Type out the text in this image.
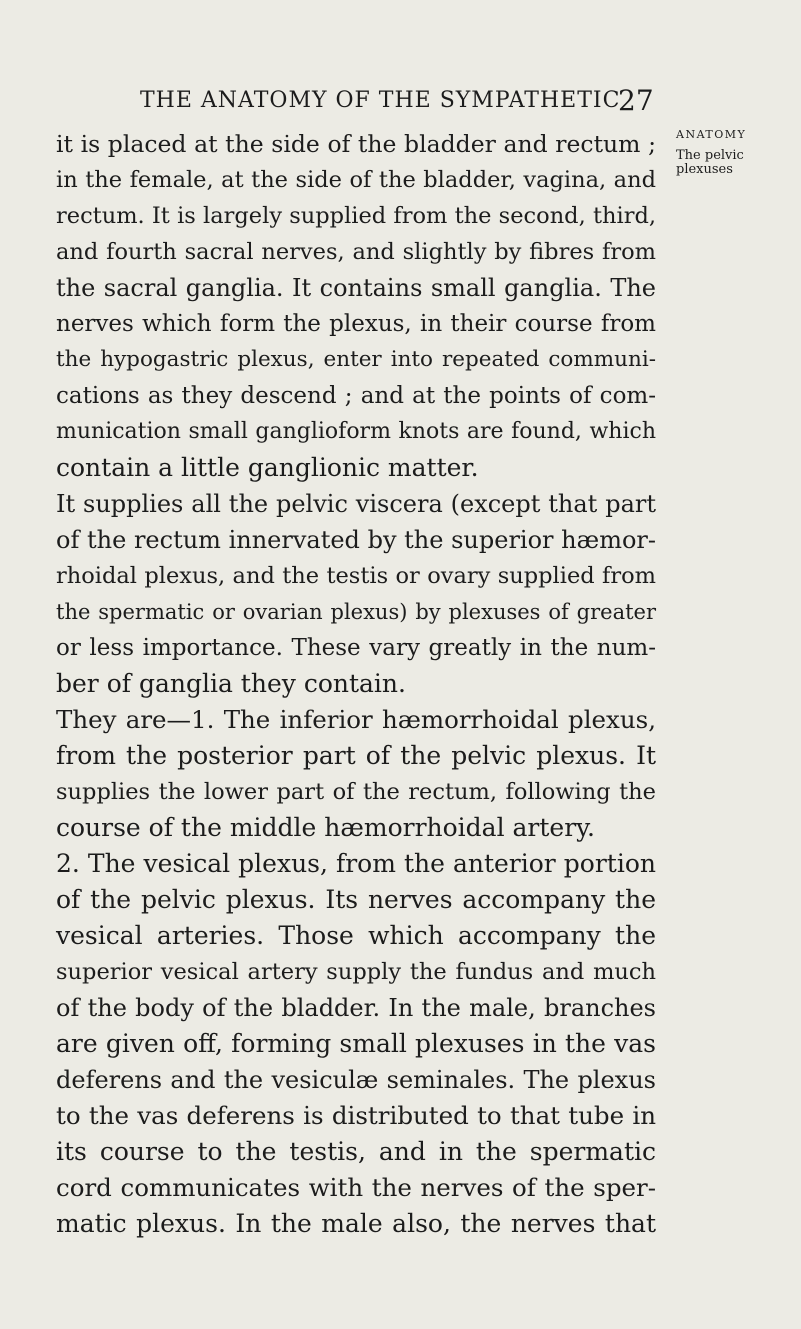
THE ANATOMY OF THE SYMPATHETIC
27
ANATOMY
The pelvic plexuses
it is placed at the side of the bladder and rectum ;
in the female, at the side of the bladder, vagina, and
rectum. It is largely supplied from the second, third,
and fourth sacral nerves, and slightly by fibres from
the sacral ganglia. It contains small ganglia. The
nerves which form the plexus, in their course from
the hypogastric plexus, enter into repeated communi-
cations as they descend ; and at the points of com-
munication small ganglioform knots are found, which
contain a little ganglionic matter.
It supplies all the pelvic viscera (except that part
of the rectum innervated by the superior hæmor-
rhoidal plexus, and the testis or ovary supplied from
the spermatic or ovarian plexus) by plexuses of greater
or less importance. These vary greatly in the num-
ber of ganglia they contain.
They are—1. The inferior hæmorrhoidal plexus,
from the posterior part of the pelvic plexus. It
supplies the lower part of the rectum, following the
course of the middle hæmorrhoidal artery.
2. The vesical plexus, from the anterior portion
of the pelvic plexus. Its nerves accompany the
vesical arteries. Those which accompany the
superior vesical artery supply the fundus and much
of the body of the bladder. In the male, branches
are given off, forming small plexuses in the vas
deferens and the vesiculæ seminales. The plexus
to the vas deferens is distributed to that tube in
its course to the testis, and in the spermatic
cord communicates with the nerves of the sper-
matic plexus. In the male also, the nerves that
